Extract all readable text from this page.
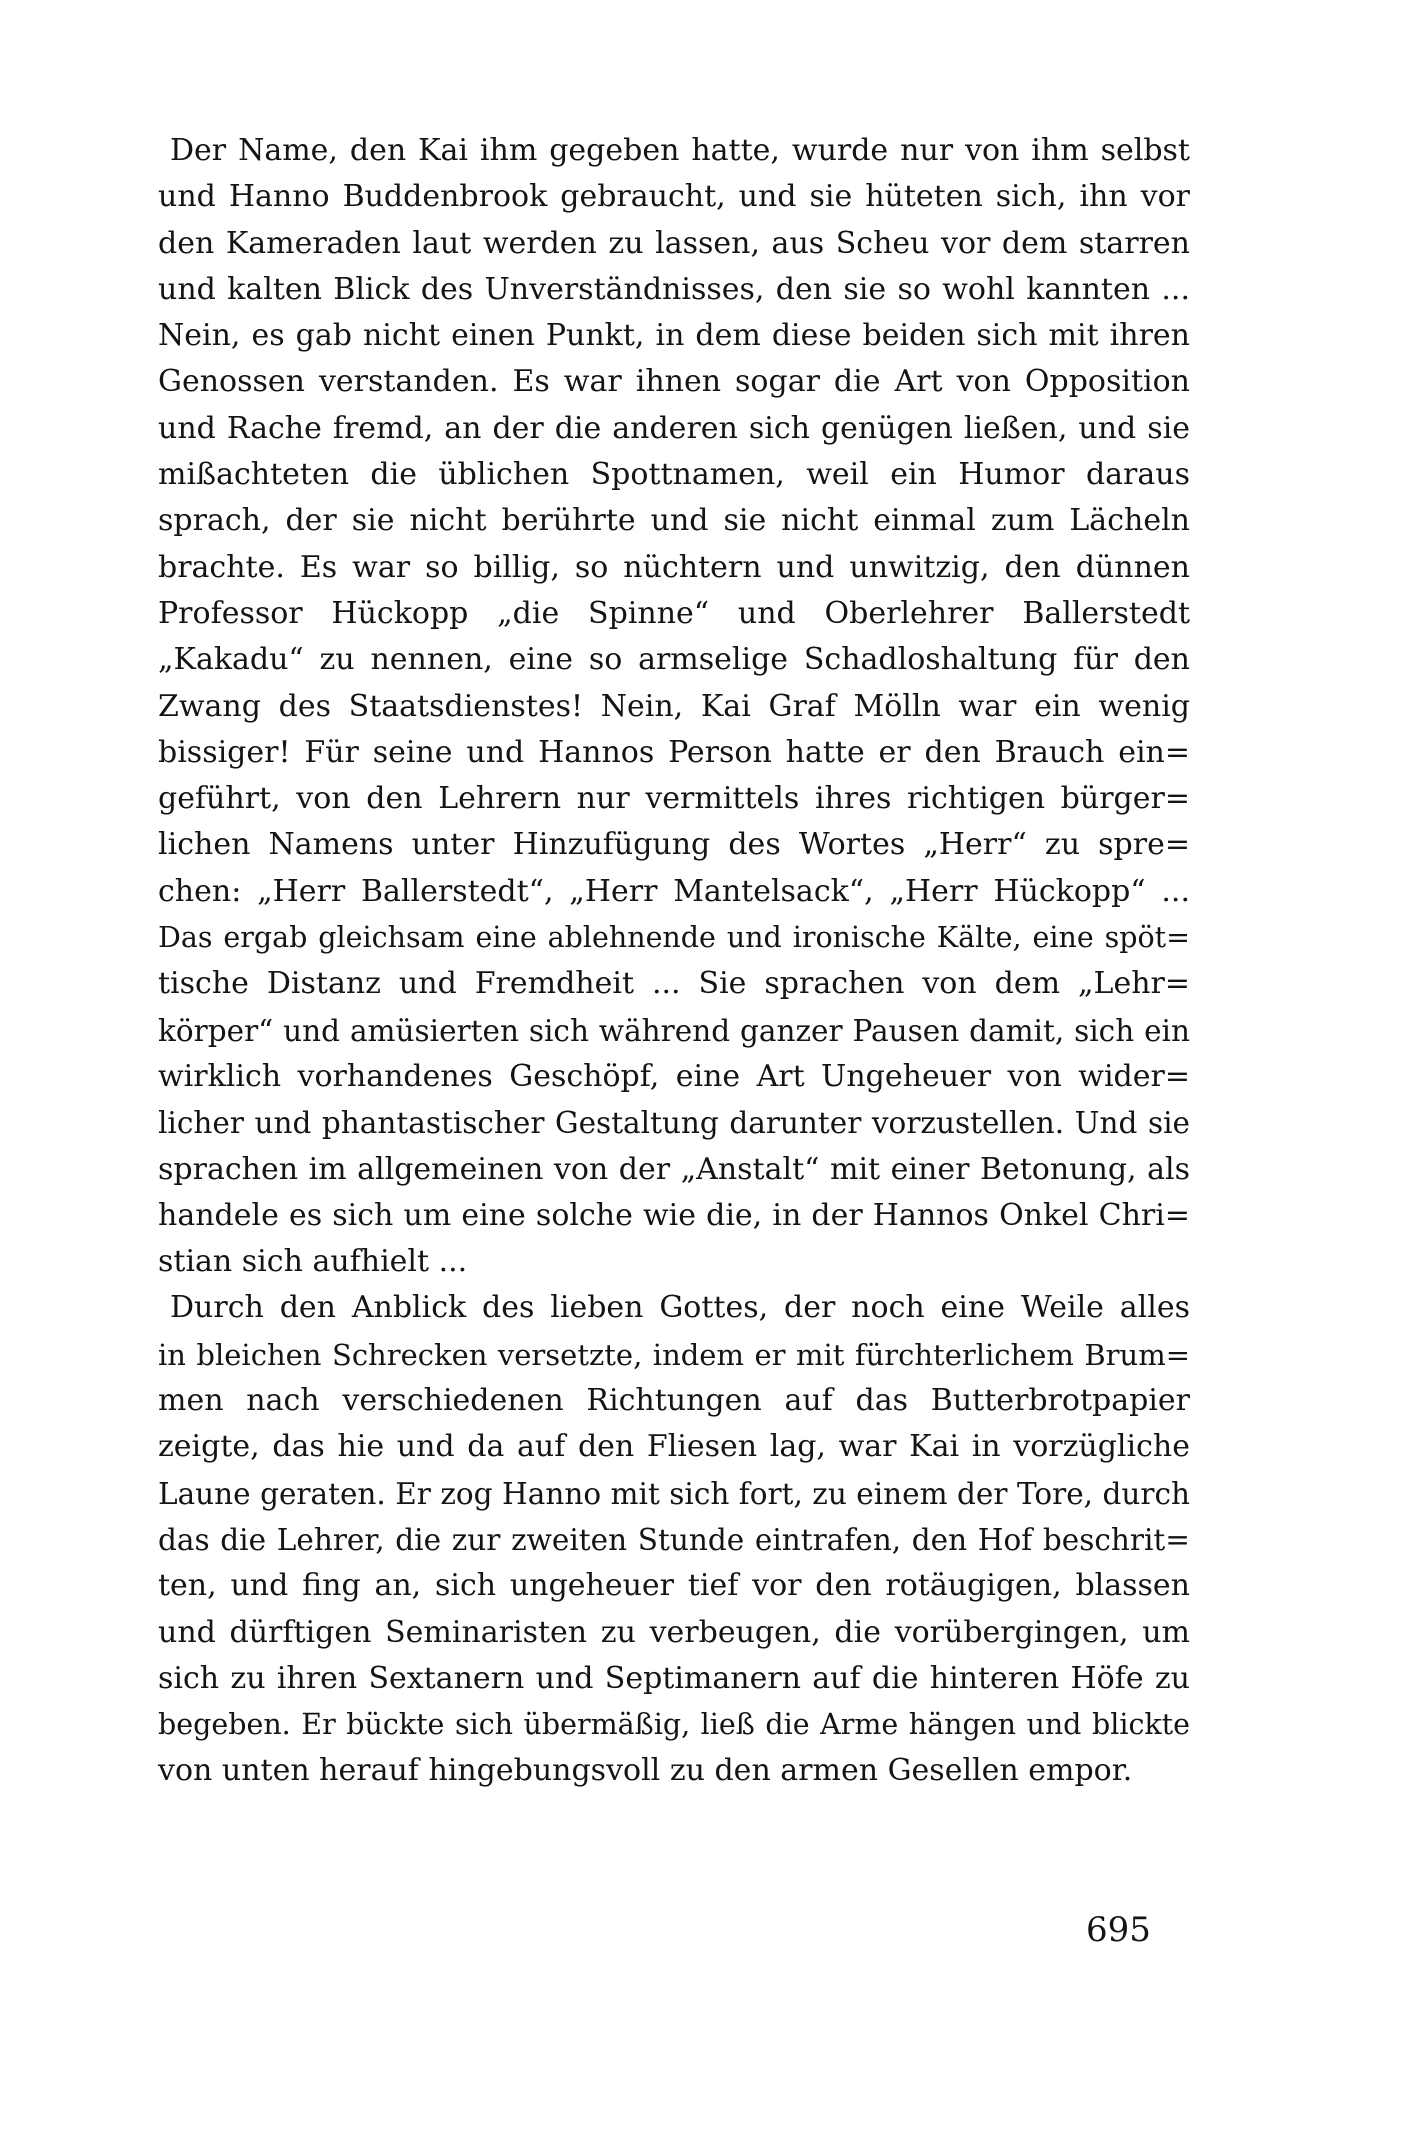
Der Name, den Kai ihm gegeben hatte, wurde nur von ihm selbst
und Hanno Buddenbrook gebraucht, und sie hüteten sich, ihn vor
den Kameraden laut werden zu lassen, aus Scheu vor dem starren
und kalten Blick des Unverständnisses, den sie so wohl kannten ...
Nein, es gab nicht einen Punkt, in dem diese beiden sich mit ihren
Genossen verstanden. Es war ihnen sogar die Art von Opposition
und Rache fremd, an der die anderen sich genügen ließen, und sie
mißachteten die üblichen Spottnamen, weil ein Humor daraus
sprach, der sie nicht berührte und sie nicht einmal zum Lächeln
brachte. Es war so billig, so nüchtern und unwitzig, den dünnen
Professor Hückopp „die Spinne“ und Oberlehrer Ballerstedt
„Kakadu“ zu nennen, eine so armselige Schadloshaltung für den
Zwang des Staatsdienstes! Nein, Kai Graf Mölln war ein wenig
bissiger! Für seine und Hannos Person hatte er den Brauch ein=
geführt, von den Lehrern nur vermittels ihres richtigen bürger=
lichen Namens unter Hinzufügung des Wortes „Herr“ zu spre=
chen: „Herr Ballerstedt“, „Herr Mantelsack“, „Herr Hückopp“ ...
Das ergab gleichsam eine ablehnende und ironische Kälte, eine spöt=
tische Distanz und Fremdheit ... Sie sprachen von dem „Lehr=
körper“ und amüsierten sich während ganzer Pausen damit, sich ein
wirklich vorhandenes Geschöpf, eine Art Ungeheuer von wider=
licher und phantastischer Gestaltung darunter vorzustellen. Und sie
sprachen im allgemeinen von der „Anstalt“ mit einer Betonung, als
handele es sich um eine solche wie die, in der Hannos Onkel Chri=
stian sich aufhielt ...
Durch den Anblick des lieben Gottes, der noch eine Weile alles
in bleichen Schrecken versetzte, indem er mit fürchterlichem Brum=
men nach verschiedenen Richtungen auf das Butterbrotpapier
zeigte, das hie und da auf den Fliesen lag, war Kai in vorzügliche
Laune geraten. Er zog Hanno mit sich fort, zu einem der Tore, durch
das die Lehrer, die zur zweiten Stunde eintrafen, den Hof beschrit=
ten, und fing an, sich ungeheuer tief vor den rotäugigen, blassen
und dürftigen Seminaristen zu verbeugen, die vorübergingen, um
sich zu ihren Sextanern und Septimanern auf die hinteren Höfe zu
begeben. Er bückte sich übermäßig, ließ die Arme hängen und blickte
von unten herauf hingebungsvoll zu den armen Gesellen empor.
695
